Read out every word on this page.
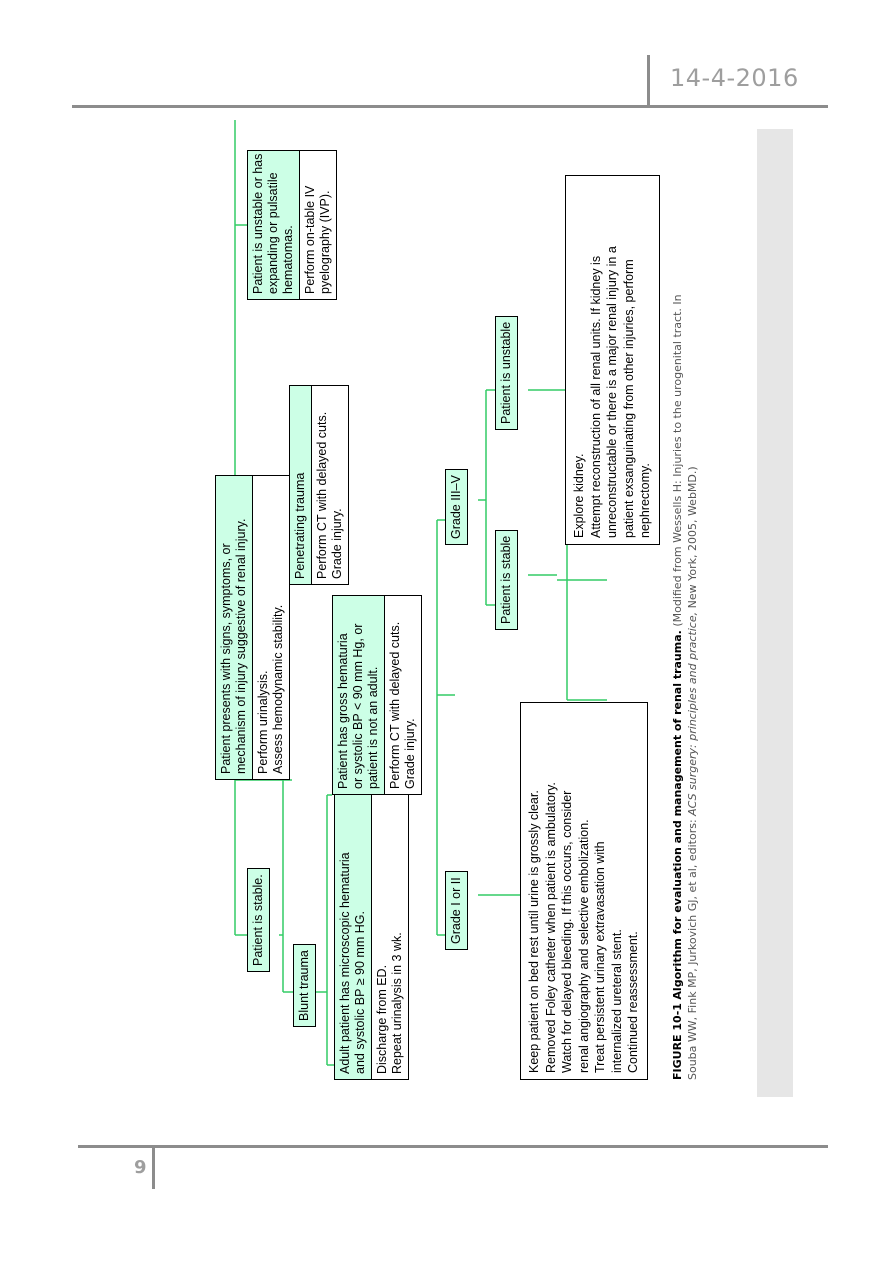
14-4-2016
Patient presents with signs, symptoms, or mechanism of injury suggestive of renal injury. Perform urinalysis. Assess hemodynamic stability.
Patient is unstable or has expanding or pulsatile hematomas. Perform on-table IV pyelography (IVP).
Patient is stable.
Blunt trauma
Penetrating trauma Perform CT with delayed cuts. Grade injury.
Adult patient has microscopic hematuria and systolic BP ≥ 90 mm HG. Discharge from ED. Repeat urinalysis in 3 wk.
Patient has gross hematuria or systolic BP < 90 mm Hg, or patient is not an adult. Perform CT with delayed cuts. Grade injury.
Grade I or II
Grade III–V
Patient is stable
Patient is unstable
Keep patient on bed rest until urine is grossly clear. Removed Foley catheter when patient is ambulatory. Watch for delayed bleeding. If this occurs, consider renal angiography and selective embolization. Treat persistent urinary extravasation with internalized ureteral stent. Continued reassessment.
Explore kidney. Attempt reconstruction of all renal units. If kidney is unreconstructable or there is a major renal injury in a patient exsanguinating from other injuries, perform nephrectomy.
FIGURE 10-1 Algorithm for evaluation and management of renal trauma. (Modified from Wessells H: Injuries to the urogenital tract. In
Souba WW, Fink MP, Jurkovich GJ, et al, editors: ACS surgery: principles and practice, New York, 2005, WebMD.)
9
